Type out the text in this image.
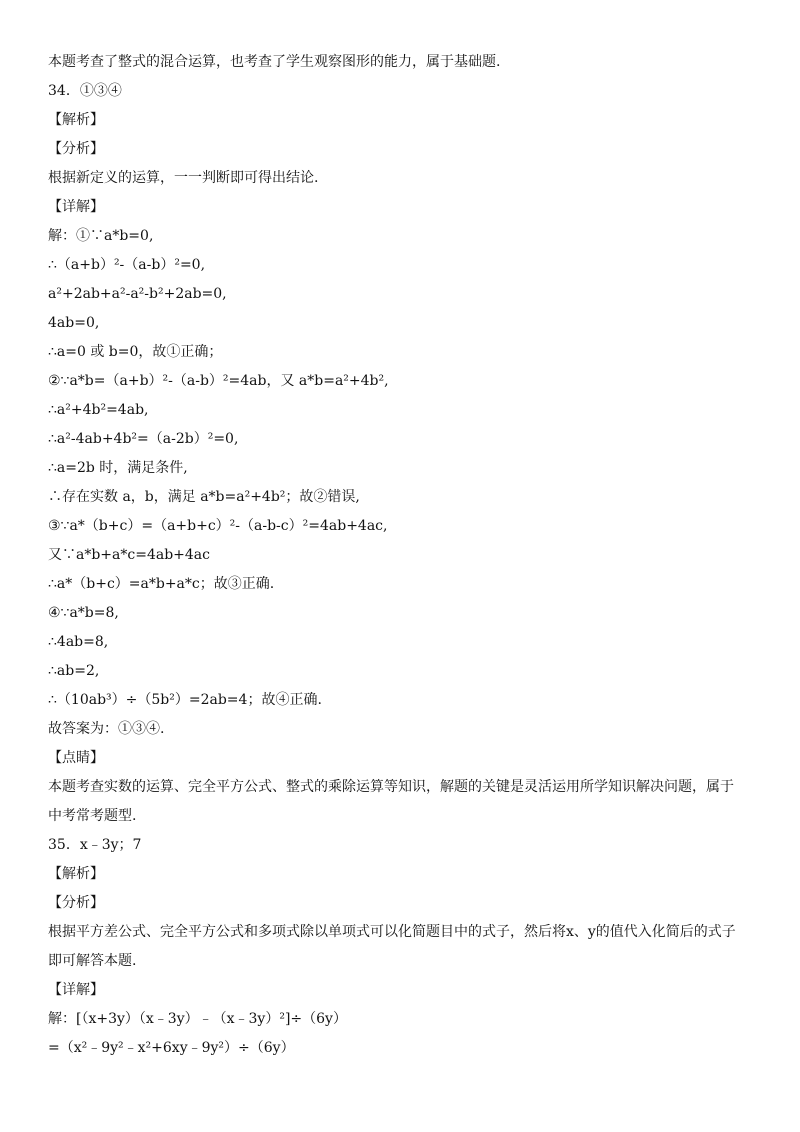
本题考查了整式的混合运算，也考查了学生观察图形的能力，属于基础题.
34．①③④
【解析】
【分析】
根据新定义的运算，一一判断即可得出结论.
【详解】
解：①∵a*b=0,
∴（a+b）²-（a-b）²=0,
a²+2ab+a²-a²-b²+2ab=0,
4ab=0,
∴a=0 或 b=0，故①正确；
②∵a*b=（a+b）²-（a-b）²=4ab，又 a*b=a²+4b²,
∴a²+4b²=4ab,
∴a²-4ab+4b²=（a-2b）²=0,
∴a=2b 时，满足条件,
∴存在实数 a，b，满足 a*b=a²+4b²；故②错误,
③∵a*（b+c）=（a+b+c）²-（a-b-c）²=4ab+4ac,
又∵a*b+a*c=4ab+4ac
∴a*（b+c）=a*b+a*c；故③正确.
④∵a*b=8,
∴4ab=8,
∴ab=2,
∴（10ab³）÷（5b²）=2ab=4；故④正确.
故答案为：①③④.
【点睛】
本题考查实数的运算、完全平方公式、整式的乘除运算等知识，解题的关键是灵活运用所学知识解决问题，属于
中考常考题型.
35．x﹣3y；7
【解析】
【分析】
根据平方差公式、完全平方公式和多项式除以单项式可以化简题目中的式子，然后将x、y的值代入化简后的式子
即可解答本题.
【详解】
解：[（x+3y）（x﹣3y）﹣（x﹣3y）²]÷（6y）
=（x²﹣9y²﹣x²+6xy﹣9y²）÷（6y）
